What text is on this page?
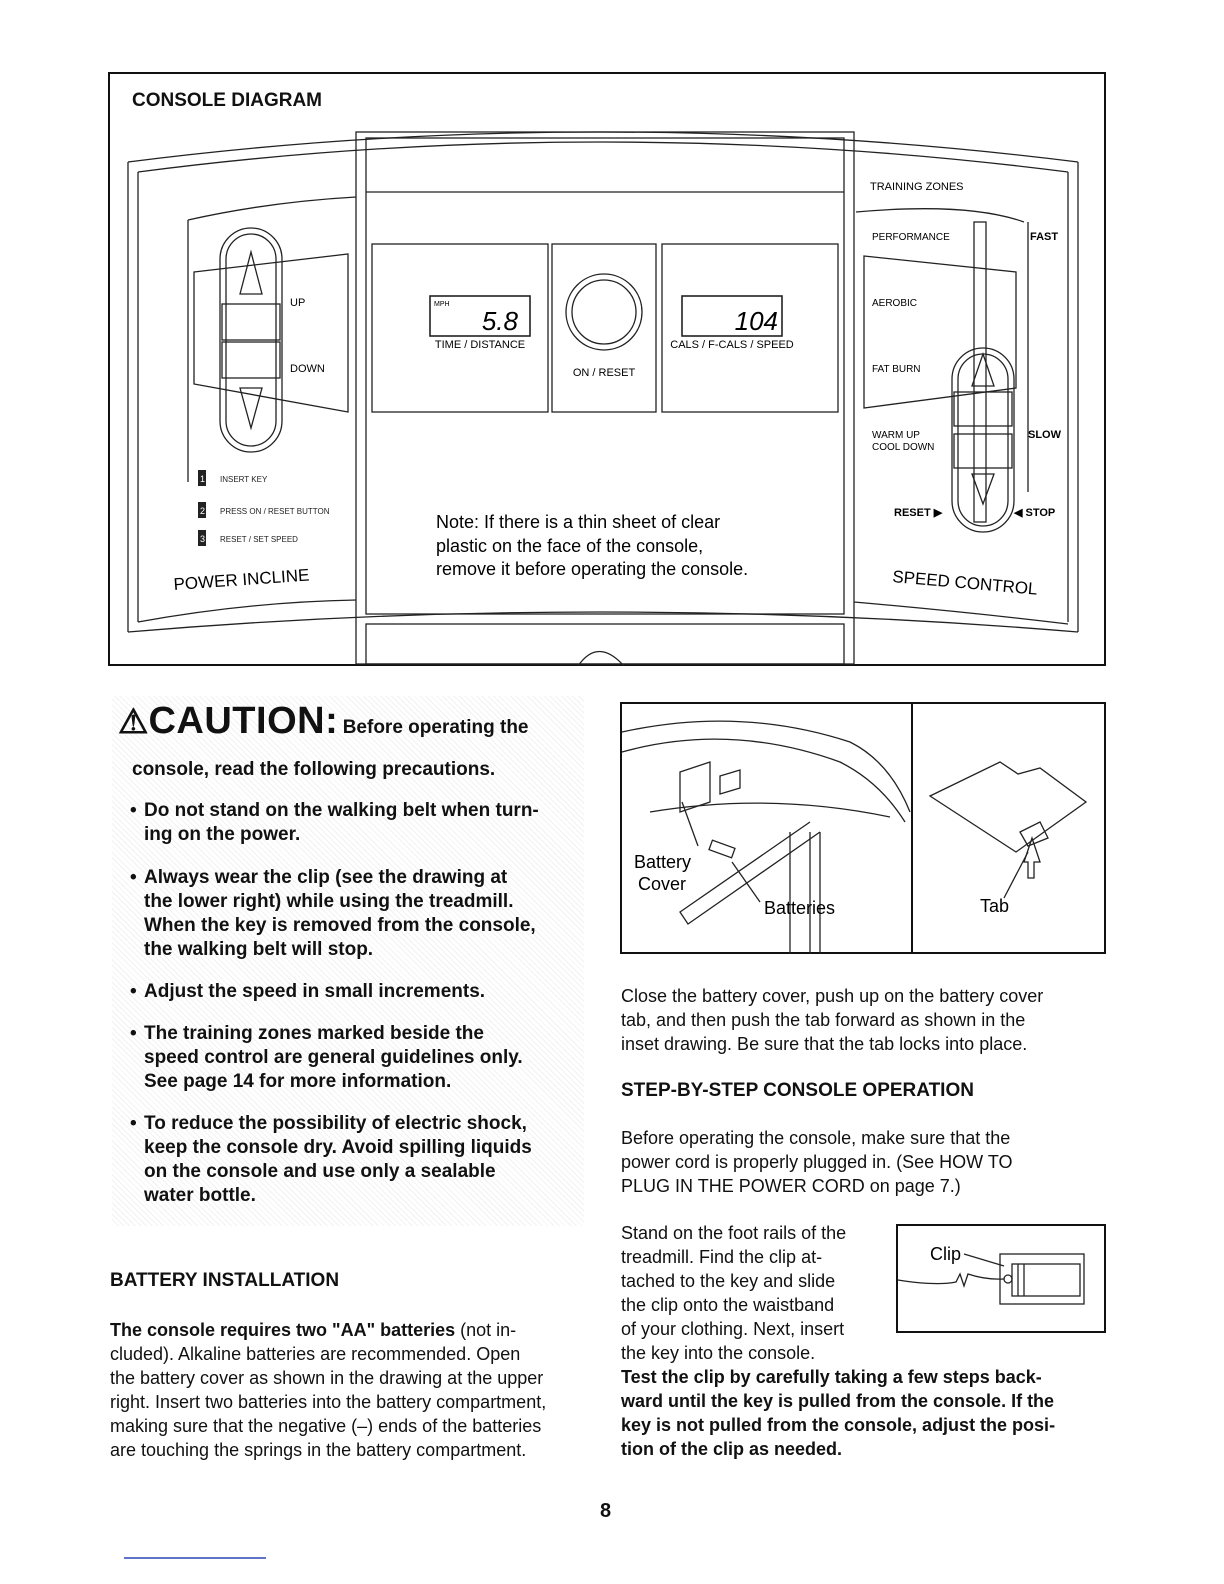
CONSOLE DIAGRAM
MPH
5.8	104
TIME / DISTANCE	CALS / F-CALS / SPEED
ON / RESET
Note: If there is a thin sheet of clear
plastic on the face of the console,
remove it before operating the console.
UP
DOWN
1 INSERT KEY
2 PRESS ON / RESET BUTTON
3 RESET / SET SPEED
POWER INCLINE
TRAINING ZONES
PERFORMANCE
AEROBIC
FAT BURN
WARM UP
COOL DOWN
FAST
SLOW
RESET ▶	◀ STOP
SPEED CONTROL
⚠CAUTION: Before operating the
console, read the following precautions.
• Do not stand on the walking belt when turn-
ing on the power.
• Always wear the clip (see the drawing at
the lower right) while using the treadmill.
When the key is removed from the console,
the walking belt will stop.
• Adjust the speed in small increments.
• The training zones marked beside the
speed control are general guidelines only.
See page 14 for more information.
• To reduce the possibility of electric shock,
keep the console dry. Avoid spilling liquids
on the console and use only a sealable
water bottle.
BATTERY INSTALLATION
The console requires two "AA" batteries (not in-
cluded). Alkaline batteries are recommended. Open
the battery cover as shown in the drawing at the upper
right. Insert two batteries into the battery compartment,
making sure that the negative (–) ends of the batteries
are touching the springs in the battery compartment.
Battery
Cover
Batteries	Tab
Close the battery cover, push up on the battery cover
tab, and then push the tab forward as shown in the
inset drawing. Be sure that the tab locks into place.
STEP-BY-STEP CONSOLE OPERATION
Before operating the console, make sure that the
power cord is properly plugged in. (See HOW TO
PLUG IN THE POWER CORD on page 7.)
Stand on the foot rails of the
treadmill. Find the clip at-
tached to the key and slide
the clip onto the waistband
of your clothing. Next, insert
the key into the console.
Clip
Test the clip by carefully taking a few steps back-
ward until the key is pulled from the console. If the
key is not pulled from the console, adjust the posi-
tion of the clip as needed.
8
